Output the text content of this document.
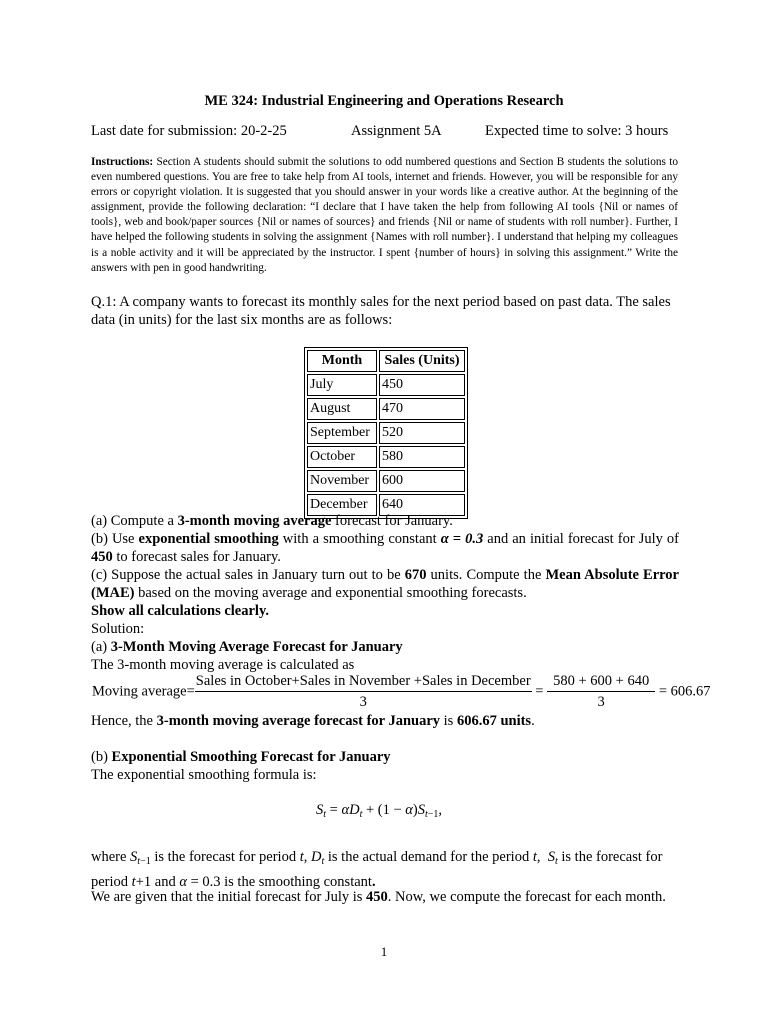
ME 324: Industrial Engineering and Operations Research
Last date for submission: 20-2-25	Assignment 5A	Expected time to solve: 3 hours
Instructions: Section A students should submit the solutions to odd numbered questions and Section B students the solutions to even numbered questions. You are free to take help from AI tools, internet and friends. However, you will be responsible for any errors or copyright violation. It is suggested that you should answer in your words like a creative author. At the beginning of the assignment, provide the following declaration: “I declare that I have taken the help from following AI tools {Nil or names of tools}, web and book/paper sources {Nil or names of sources} and friends {Nil or name of students with roll number}. Further, I have helped the following students in solving the assignment {Names with roll number}. I understand that helping my colleagues is a noble activity and it will be appreciated by the instructor. I spent {number of hours} in solving this assignment.” Write the answers with pen in good handwriting.
Q.1: A company wants to forecast its monthly sales for the next period based on past data. The sales data (in units) for the last six months are as follows:
Month	Sales (Units)
July	450
August	470
September	520
October	580
November	600
December	640
(a) Compute a 3-month moving average forecast for January.
(b) Use exponential smoothing with a smoothing constant α = 0.3 and an initial forecast for July of 450 to forecast sales for January.
(c) Suppose the actual sales in January turn out to be 670 units. Compute the Mean Absolute Error (MAE) based on the moving average and exponential smoothing forecasts.
Show all calculations clearly.
Solution:
(a) 3-Month Moving Average Forecast for January
The 3-month moving average is calculated as
Moving average= $\frac{\text{Sales in October+Sales in November +Sales in December}}{3} = \frac{580 + 600 + 640}{3} = 606.67$
Hence, the 3-month moving average forecast for January is 606.67 units.
(b) Exponential Smoothing Forecast for January
The exponential smoothing formula is:
$S_t = \alpha D_t + (1 - \alpha)S_{t-1}$,
where $S_{t-1}$ is the forecast for period t, $D_t$ is the actual demand for the period t,  $S_t$ is the forecast for period t+1 and α = 0.3 is the smoothing constant.
We are given that the initial forecast for July is 450. Now, we compute the forecast for each month.
1
